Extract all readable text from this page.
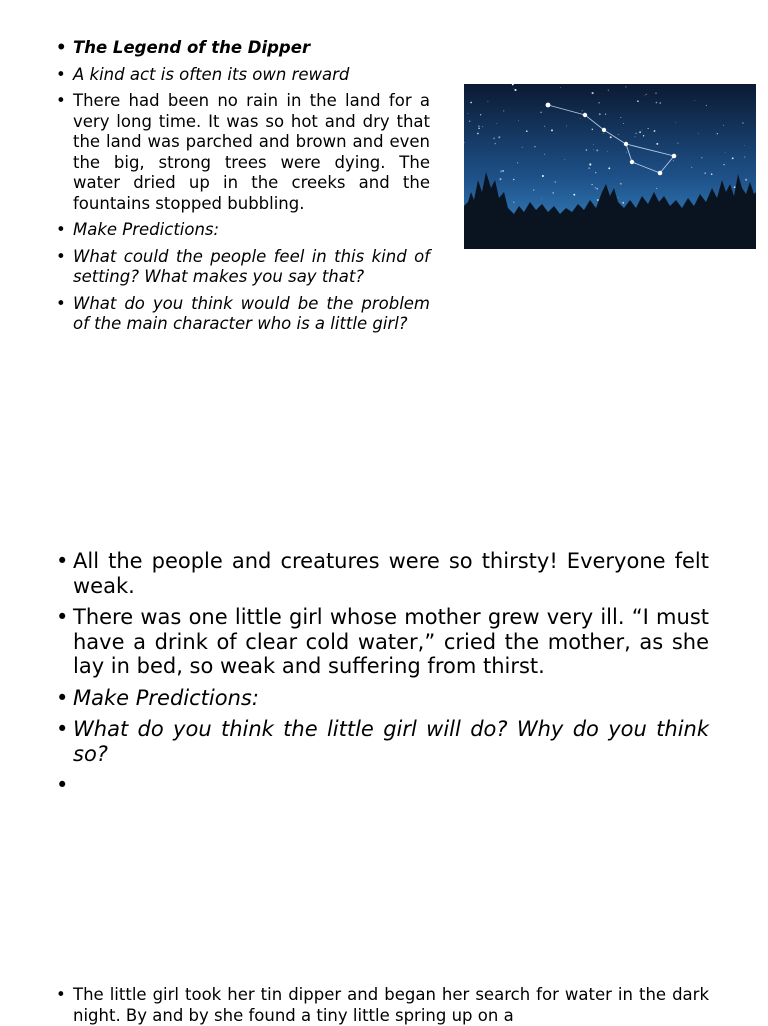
• The Legend of the Dipper
• A kind act is often its own reward
• There had been no rain in the land for a very long time. It was so hot and dry that the land was parched and brown and even the big, strong trees were dying. The water dried up in the creeks and the fountains stopped bubbling.
• Make Predictions:
• What could the people feel in this kind of setting? What makes you say that?
• What do you think would be the problem of the main character who is a little girl?
• All the people and creatures were so thirsty! Everyone felt weak.
• There was one little girl whose mother grew very ill. “I must have a drink of clear cold water,” cried the mother, as she lay in bed, so weak and suffering from thirst.
• Make Predictions:
• What do you think the little girl will do? Why do you think so?
•
• The little girl took her tin dipper and began her search for water in the dark night. By and by she found a tiny little spring up on a
